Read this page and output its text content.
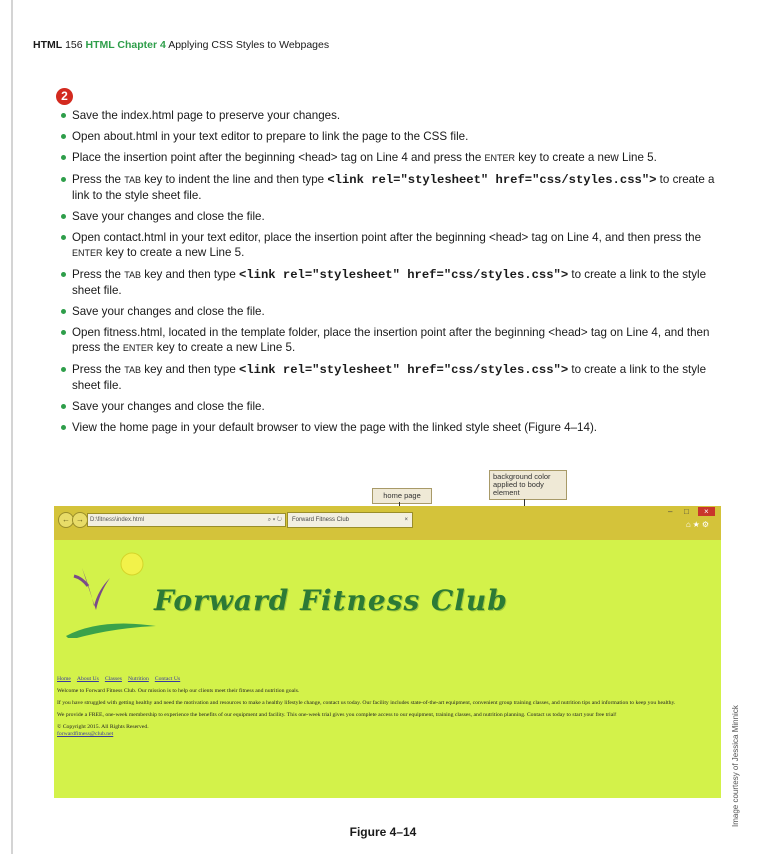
HTML 156 HTML Chapter 4 Applying CSS Styles to Webpages
2
Save the index.html page to preserve your changes.
Open about.html in your text editor to prepare to link the page to the CSS file.
Place the insertion point after the beginning <head> tag on Line 4 and press the ENTER key to create a new Line 5.
Press the TAB key to indent the line and then type <link rel="stylesheet" href="css/styles.css"> to create a link to the style sheet file.
Save your changes and close the file.
Open contact.html in your text editor, place the insertion point after the beginning <head> tag on Line 4, and then press the ENTER key to create a new Line 5.
Press the TAB key and then type <link rel="stylesheet" href="css/styles.css"> to create a link to the style sheet file.
Save your changes and close the file.
Open fitness.html, located in the template folder, place the insertion point after the beginning <head> tag on Line 4, and then press the ENTER key to create a new Line 5.
Press the TAB key and then type <link rel="stylesheet" href="css/styles.css"> to create a link to the style sheet file.
Save your changes and close the file.
View the home page in your default browser to view the page with the linked style sheet (Figure 4–14).
home page
background color applied to body element
← →	D:\fitness\index.html	⌕ ▾ ↻	Forward Fitness Club	×
‒ □	×
⌂★⚙
Forward Fitness Club

Home About Us Classes Nutrition Contact Us

Welcome to Forward Fitness Club. Our mission is to help our clients meet their fitness and nutrition goals.

If you have struggled with getting healthy and need the motivation and resources to make a healthy lifestyle change, contact us today. Our facility includes state-of-the-art equipment, convenient group training classes, and nutrition tips and information to keep you healthy.

We provide a FREE, one-week membership to experience the benefits of our equipment and facility. This one-week trial gives you complete access to our equipment, training classes, and nutrition planning. Contact us today to start your free trial!

© Copyright 2015. All Rights Reserved.

forwardfitness@club.net	Image courtesy of Jessica Minnick
Figure 4–14
